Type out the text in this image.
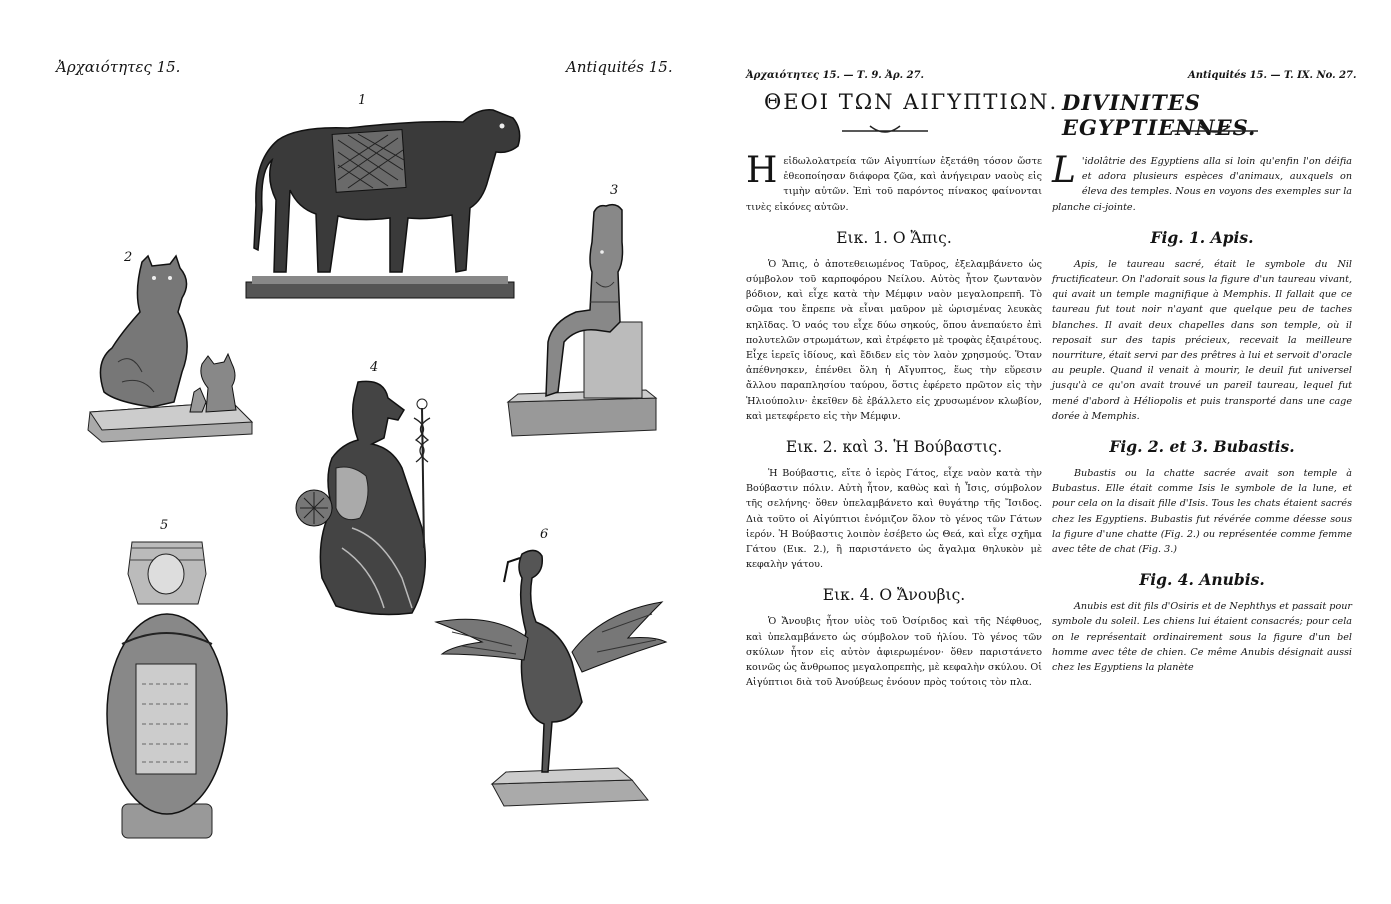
Ἀρχαιότητες 15.	Antiquités 15.
1
2
3
4
5
6
Ἀρχαιότητες 15. — Τ. 9. Ἀρ. 27.	Antiquités 15. — T. IX. No. 27.
ΘΕΟΙ ΤΩΝ ΑΙΓΥΠΤΙΩΝ. DIVINITES EGYPTIENNES.
Η εἰδωλολατρεία τῶν Αἰγυπτίων ἐξετάθη τόσον ὥστε ἐθεοποίησαν διάφορα ζῶα, καὶ ἀνήγειραν ναοὺς εἰς τιμὴν αὐτῶν. Ἐπὶ τοῦ παρόντος πίνακος φαίνονται τινὲς εἰκόνες αὐτῶν.
Εικ. 1. Ο Ἄπις.

Ὁ Ἄπις, ὁ ἀποτεθειωμένος Ταῦρος, ἐξελαμβάνετο ὡς σύμβολον τοῦ καρποφόρου Νείλου. Αὐτὸς ἦτον ζωντανὸν βόδιον, καὶ εἶχε κατὰ τὴν Μέμφιν ναὸν μεγαλοπρεπῆ. Τὸ σῶμα του ἔπρεπε νὰ εἶναι μαῦρον μὲ ὡρισμένας λευκὰς κηλῖδας. Ὁ ναός του εἶχε δύω σηκούς, ὅπου ἀνεπαύετο ἐπὶ πολυτελῶν στρωμάτων, καὶ ἐτρέφετο μὲ τροφὰς ἐξαιρέτους. Εἶχε ἱερεῖς ἰδίους, καὶ ἔδιδεν εἰς τὸν λαὸν χρησμούς. Ὅταν ἀπέθνησκεν, ἐπένθει ὅλη ἡ Αἴγυπτος, ἕως τὴν εὕρεσιν ἄλλου παραπλησίου ταύρου, ὅστις ἐφέρετο πρῶτον εἰς τὴν Ἡλιούπολιν· ἐκεῖθεν δὲ ἐβάλλετο εἰς χρυσωμένον κλωβίον, καὶ μετεφέρετο εἰς τὴν Μέμφιν.

Εικ. 2. καὶ 3. Ἡ Βούβαστις.

Ἡ Βούβαστις, εἴτε ὁ ἱερὸς Γάτος, εἶχε ναὸν κατὰ τὴν Βούβαστιν πόλιν. Αὐτὴ ἦτον, καθὼς καὶ ἡ Ἶσις, σύμβολον τῆς σελήνης· ὅθεν ὑπελαμβάνετο καὶ θυγάτηρ τῆς Ἴσιδος. Διὰ τοῦτο οἱ Αἰγύπτιοι ἐνόμιζον ὅλον τὸ γένος τῶν Γάτων ἱερόν. Ἡ Βούβαστις λοιπὸν ἐσέβετο ὡς Θεά, καὶ εἶχε σχῆμα Γάτου (Εικ. 2.), ἢ παριστάνετο ὡς ἄγαλμα θηλυκὸν μὲ κεφαλὴν γάτου.

Εικ. 4. Ο Ἄνουβις.

Ὁ Ἄνουβις ἦτον υἱὸς τοῦ Ὀσίριδος καὶ τῆς Νέφθυος, καὶ ὑπελαμβάνετο ὡς σύμβολον τοῦ ἡλίου. Τὸ γένος τῶν σκύλων ἦτον εἰς αὐτὸν ἀφιερωμένον· ὅθεν παριστάνετο κοινῶς ὡς ἄνθρωπος μεγαλοπρεπὴς, μὲ κεφαλὴν σκύλου. Οἱ Αἰγύπτιοι διὰ τοῦ Ἀνούβεως ἐνόουν πρὸς τούτοις τὸν πλα.

L 'idolâtrie des Egyptiens alla si loin qu'enfin l'on déifia et adora plusieurs espèces d'animaux, auxquels on éleva des temples. Nous en voyons des exemples sur la planche ci-jointe.
Fig. 1. Apis.

Apis, le taureau sacré, était le symbole du Nil fructificateur. On l'adorait sous la figure d'un taureau vivant, qui avait un temple magnifique à Memphis. Il fallait que ce taureau fut tout noir n'ayant que quelque peu de taches blanches. Il avait deux chapelles dans son temple, où il reposait sur des tapis précieux, recevait la meilleure nourriture, était servi par des prêtres à lui et servoit d'oracle au peuple. Quand il venait à mourir, le deuil fut universel jusqu'à ce qu'on avait trouvé un pareil taureau, lequel fut mené d'abord à Héliopolis et puis transporté dans une cage dorée à Memphis.

Fig. 2. et 3. Bubastis.

Bubastis ou la chatte sacrée avait son temple à Bubastus. Elle était comme Isis le symbole de la lune, et pour cela on la disait fille d'Isis. Tous les chats étaient sacrés chez les Egyptiens. Bubastis fut révérée comme déesse sous la figure d'une chatte (Fig. 2.) ou représentée comme femme avec tête de chat (Fig. 3.)

Fig. 4. Anubis.

Anubis est dit fils d'Osiris et de Nephthys et passait pour symbole du soleil. Les chiens lui étaient consacrés; pour cela on le représentait ordinairement sous la figure d'un bel homme avec tête de chien. Ce même Anubis désignait aussi chez les Egyptiens la planète
